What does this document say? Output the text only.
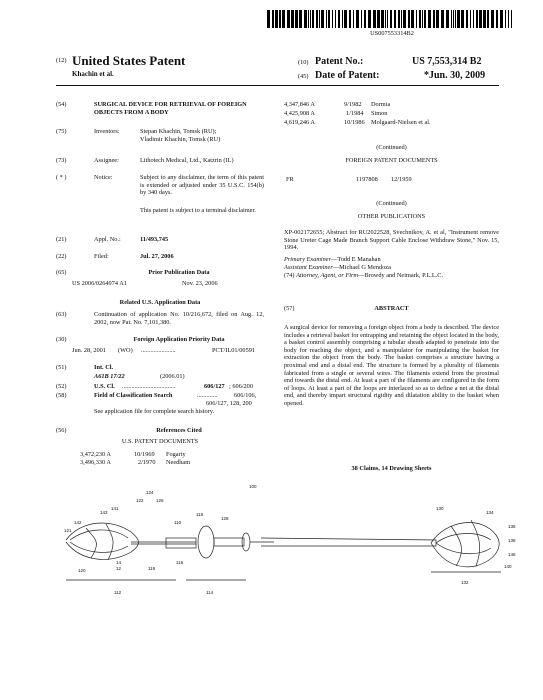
US007553314B2
(12) United States Patent
Khachin et al.
(10) Patent No.:	US 7,553,314 B2
(45) Date of Patent:	*Jun. 30, 2009
(54)	SURGICAL DEVICE FOR RETRIEVAL OF FOREIGN OBJECTS FROM A BODY
(75)	Inventors:	Stepan Khachin, Tomsk (RU);
Vladimir Khachin, Tomsk (RU)
(73)	Assignee:	Lithotech Medical, Ltd., Katzrin (IL)
( * )	Notice:	Subject to any disclaimer, the term of this patent is extended or adjusted under 35 U.S.C. 154(b) by 340 days.
This patent is subject to a terminal disclaimer.
(21)	Appl. No.:	11/493,745
(22)	Filed:	Jul. 27, 2006
(65)	Prior Publication Data
US 2006/0264974 A1	Nov. 23, 2006
Related U.S. Application Data
(63)	Continuation of application No. 10/216,672, filed on Aug. 12, 2002, now Pat. No. 7,101,380.
(30)	Foreign Application Priority Data
Jun. 28, 2001 (WO) ......................	PCT/IL01/00591
(51)	Int. Cl.
A61B 17/22	(2006.01)
(52)	U.S. Cl. ..................................	606/127 ; 606/200
(58)	Field of Classification Search	.............	606/106,
606/127, 128, 200
See application file for complete search history.
(56)	References Cited
U.S. PATENT DOCUMENTS
3,472,230 A	10/1969 Fogarty
3,496,330 A	2/1970 Needham
4,347,846 A	9/1982 Dormia
4,425,908 A	1/1984 Simon
4,619,246 A	10/1986 Molgaard-Nielsen et al.
(Continued)
FOREIGN PATENT DOCUMENTS
FR	1197808 12/1959
(Continued)
OTHER PUBLICATIONS
XP-002172655; Abstract for RU2022528, Svechnikov, A. et al, "Instrument remove Stone Ureter Cage Made Branch Support Cable Enclose Withdraw Stone," Nov. 15, 1994.
Primary Examiner—Todd E Manahan
Assistant Examiner—Michael G Mendoza
(74) Attorney, Agent, or Firm—Browdy and Neimark, P.L.L.C.
(57)	ABSTRACT
A surgical device for removing a foreign object from a body is described. The device includes a retrieval basket for entrapping and retaining the object located in the body, a basket control assembly comprising a tubular sheath adapted to penetrate into the body for reaching the object, and a manipulator for manipulating the basket for extraction the object from the body. The basket comprises a structure having a proximal end and a distal end. The structure is formed by a plurality of filaments fabricated from a single or several wires. The filaments extend from the proximal end towards the distal end. At least a part of the filaments are configured in the form of loops. At least a part of the loops are interlaced so as to define a net at the distal end, and thereby impart structural rigidity and dilatation ability to the basket when opened.
38 Claims, 14 Drawing Sheets
100
124
122	126
141
143	118
128
142
121
110
120
14
12
116
112	114
130
134
136
138
146
140
132
119
